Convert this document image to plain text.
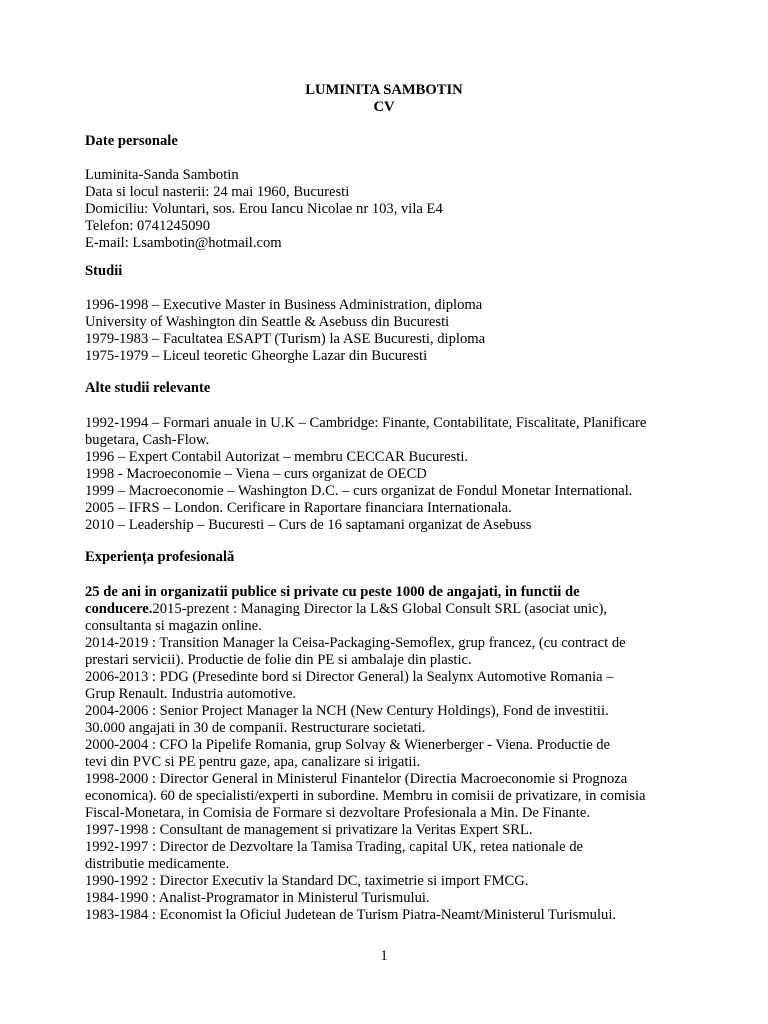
LUMINITA SAMBOTIN
CV
Date personale
Luminita-Sanda Sambotin
Data si locul nasterii: 24 mai 1960, Bucuresti
Domiciliu: Voluntari, sos. Erou Iancu Nicolae nr 103, vila E4
Telefon: 0741245090
E-mail: Lsambotin@hotmail.com
Studii
1996-1998 – Executive Master in Business Administration, diploma
University of Washington din Seattle & Asebuss din Bucuresti
1979-1983 – Facultatea ESAPT (Turism) la ASE Bucuresti, diploma
1975-1979 – Liceul teoretic Gheorghe Lazar din Bucuresti
Alte studii relevante
1992-1994 – Formari anuale in U.K – Cambridge: Finante, Contabilitate, Fiscalitate, Planificare
bugetara, Cash-Flow.
1996 – Expert Contabil Autorizat – membru CECCAR Bucuresti.
1998 - Macroeconomie – Viena – curs organizat de OECD
1999 – Macroeconomie – Washington D.C. – curs organizat de Fondul Monetar International.
2005 – IFRS – London. Cerificare in Raportare financiara Internationala.
2010 – Leadership – Bucuresti – Curs de 16 saptamani organizat de Asebuss
Experiența profesională
25 de ani in organizatii publice si private cu peste 1000 de angajati, in functii de
conducere.2015-prezent : Managing Director la L&S Global Consult SRL (asociat unic),
consultanta si magazin online.
2014-2019 : Transition Manager la Ceisa-Packaging-Semoflex, grup francez, (cu contract de
prestari servicii). Productie de folie din PE si ambalaje din plastic.
2006-2013 : PDG (Presedinte bord si Director General) la Sealynx Automotive Romania –
Grup Renault. Industria automotive.
2004-2006 : Senior Project Manager la NCH (New Century Holdings), Fond de investitii.
30.000 angajati in 30 de companii. Restructurare societati.
2000-2004 : CFO la Pipelife Romania, grup Solvay & Wienerberger - Viena. Productie de
tevi din PVC si PE pentru gaze, apa, canalizare si irigatii.
1998-2000 : Director General in Ministerul Finantelor (Directia Macroeconomie si Prognoza
economica). 60 de specialisti/experti in subordine. Membru in comisii de privatizare, in comisia
Fiscal-Monetara, in Comisia de Formare si dezvoltare Profesionala a Min. De Finante.
1997-1998 : Consultant de management si privatizare la Veritas Expert SRL.
1992-1997 : Director de Dezvoltare la Tamisa Trading, capital UK, retea nationale de
distributie medicamente.
1990-1992 : Director Executiv la Standard DC, taximetrie si import FMCG.
1984-1990 : Analist-Programator in Ministerul Turismului.
1983-1984 : Economist la Oficiul Judetean de Turism Piatra-Neamt/Ministerul Turismului.
1
